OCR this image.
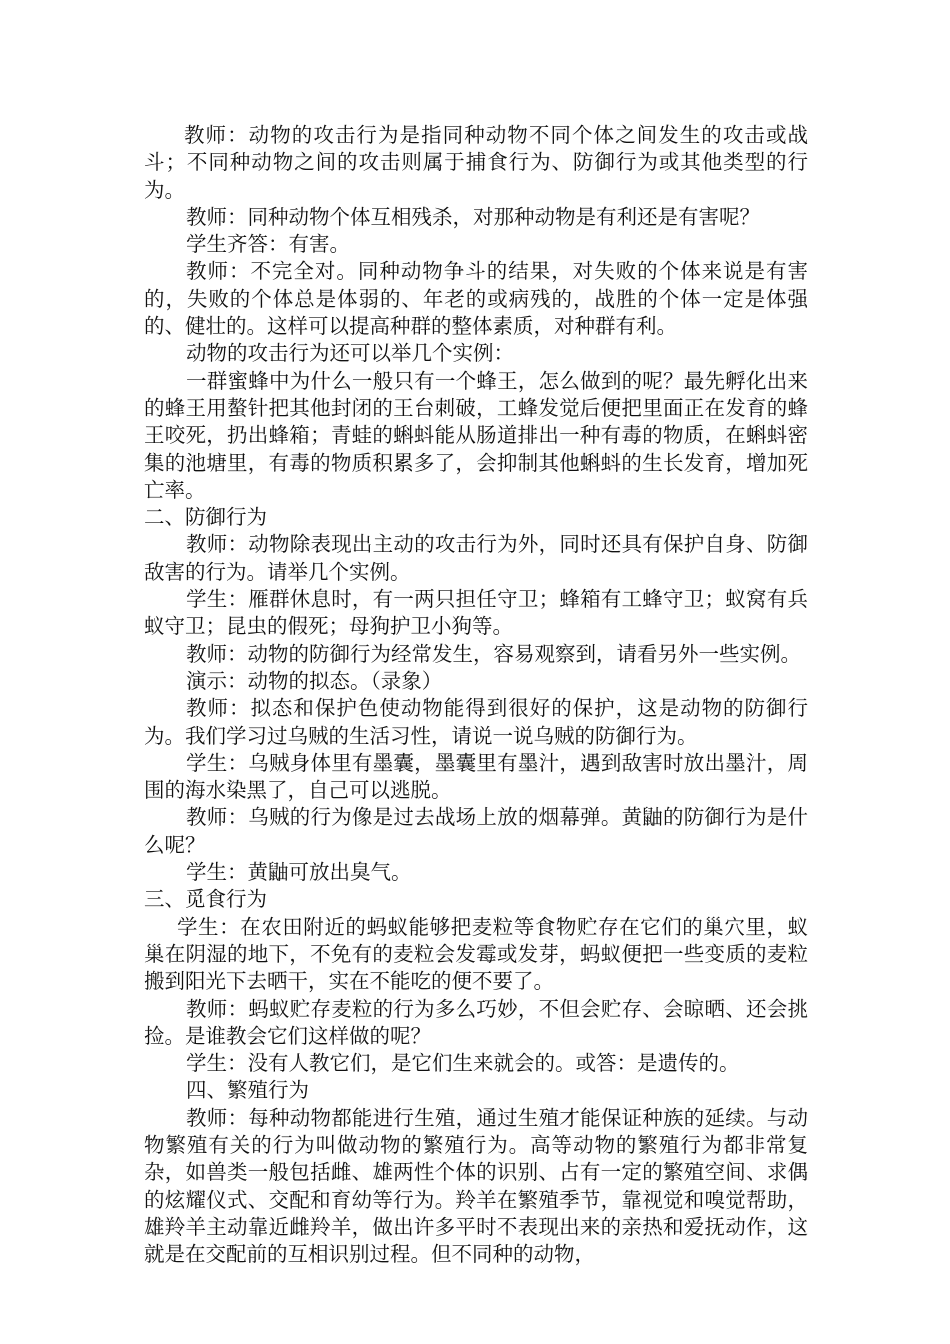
教师：动物的攻击行为是指同种动物不同个体之间发生的攻击或战斗；不同种动物之间的攻击则属于捕食行为、防御行为或其他类型的行为。

教师：同种动物个体互相残杀，对那种动物是有利还是有害呢？

学生齐答：有害。

教师：不完全对。同种动物争斗的结果，对失败的个体来说是有害的，失败的个体总是体弱的、年老的或病残的，战胜的个体一定是体强的、健壮的。这样可以提高种群的整体素质，对种群有利。

动物的攻击行为还可以举几个实例：

一群蜜蜂中为什么一般只有一个蜂王，怎么做到的呢？最先孵化出来的蜂王用螯针把其他封闭的王台刺破，工蜂发觉后便把里面正在发育的蜂王咬死，扔出蜂箱；青蛙的蝌蚪能从肠道排出一种有毒的物质，在蝌蚪密集的池塘里，有毒的物质积累多了，会抑制其他蝌蚪的生长发育，增加死亡率。

二、防御行为

教师：动物除表现出主动的攻击行为外，同时还具有保护自身、防御敌害的行为。请举几个实例。

学生：雁群休息时，有一两只担任守卫；蜂箱有工蜂守卫；蚁窝有兵蚁守卫；昆虫的假死；母狗护卫小狗等。

教师：动物的防御行为经常发生，容易观察到，请看另外一些实例。

演示：动物的拟态。（录象）

教师：拟态和保护色使动物能得到很好的保护，这是动物的防御行为。我们学习过乌贼的生活习性，请说一说乌贼的防御行为。

学生：乌贼身体里有墨囊，墨囊里有墨汁，遇到敌害时放出墨汁，周围的海水染黑了，自己可以逃脱。

教师：乌贼的行为像是过去战场上放的烟幕弹。黄鼬的防御行为是什么呢？

学生：黄鼬可放出臭气。

三、觅食行为

学生：在农田附近的蚂蚁能够把麦粒等食物贮存在它们的巢穴里，蚁巢在阴湿的地下，不免有的麦粒会发霉或发芽，蚂蚁便把一些变质的麦粒搬到阳光下去晒干，实在不能吃的便不要了。

教师：蚂蚁贮存麦粒的行为多么巧妙，不但会贮存、会晾晒、还会挑捡。是谁教会它们这样做的呢？

学生：没有人教它们，是它们生来就会的。或答：是遗传的。

四、繁殖行为

教师：每种动物都能进行生殖，通过生殖才能保证种族的延续。与动物繁殖有关的行为叫做动物的繁殖行为。高等动物的繁殖行为都非常复杂，如兽类一般包括雌、雄两性个体的识别、占有一定的繁殖空间、求偶的炫耀仪式、交配和育幼等行为。羚羊在繁殖季节，靠视觉和嗅觉帮助，雄羚羊主动靠近雌羚羊，做出许多平时不表现出来的亲热和爱抚动作，这就是在交配前的互相识别过程。但不同种的动物，
